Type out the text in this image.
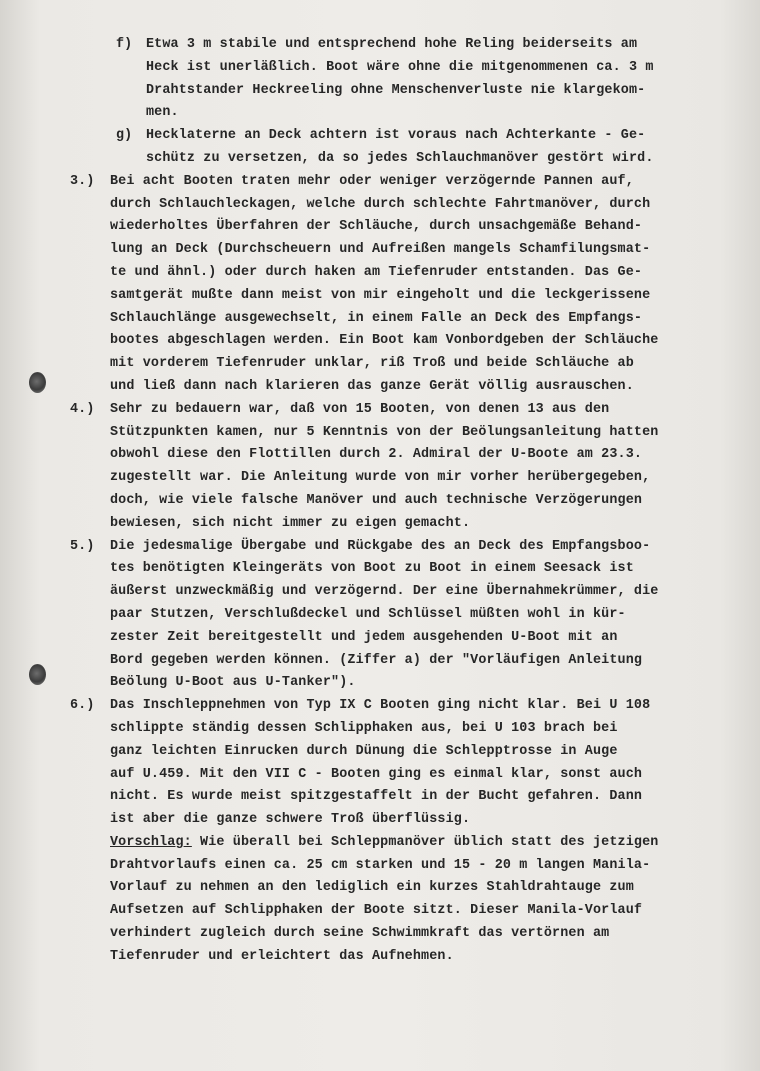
f)	Etwa 3 m stabile und entsprechend hohe Reling beiderseits am
Heck ist unerläßlich. Boot wäre ohne die mitgenommenen ca. 3 m
Drahtstander Heckreeling ohne Menschenverluste nie klargekom-
men.
g)	Hecklaterne an Deck achtern ist voraus nach Achterkante - Ge-
schütz zu versetzen, da so jedes Schlauchmanöver gestört wird.
3.)	Bei acht Booten traten mehr oder weniger verzögernde Pannen auf,
durch Schlauchleckagen, welche durch schlechte Fahrtmanöver, durch
wiederholtes Überfahren der Schläuche, durch unsachgemäße Behand-
lung an Deck (Durchscheuern und Aufreißen mangels Schamfilungsmat-
te und ähnl.) oder durch haken am Tiefenruder entstanden. Das Ge-
samtgerät mußte dann meist von mir eingeholt und die leckgerissene
Schlauchlänge ausgewechselt, in einem Falle an Deck des Empfangs-
bootes abgeschlagen werden. Ein Boot kam Vonbordgeben der Schläuche
mit vorderem Tiefenruder unklar, riß Troß und beide Schläuche ab
und ließ dann nach klarieren das ganze Gerät völlig ausrauschen.
4.)	Sehr zu bedauern war, daß von 15 Booten, von denen 13 aus den
Stützpunkten kamen, nur 5 Kenntnis von der Beölungsanleitung hatten
obwohl diese den Flottillen durch 2. Admiral der U-Boote am 23.3.
zugestellt war. Die Anleitung wurde von mir vorher herübergegeben,
doch, wie viele falsche Manöver und auch technische Verzögerungen
bewiesen, sich nicht immer zu eigen gemacht.
5.)	Die jedesmalige Übergabe und Rückgabe des an Deck des Empfangsboo-
tes benötigten Kleingeräts von Boot zu Boot in einem Seesack ist
äußerst unzweckmäßig und verzögernd. Der eine Übernahmekrümmer, die
paar Stutzen, Verschlußdeckel und Schlüssel müßten wohl in kür-
zester Zeit bereitgestellt und jedem ausgehenden U-Boot mit an
Bord gegeben werden können. (Ziffer a) der "Vorläufigen Anleitung
Beölung U-Boot aus U-Tanker").
6.)	Das Inschleppnehmen von Typ IX C Booten ging nicht klar. Bei U 108
schlippte ständig dessen Schlipphaken aus, bei U 103 brach bei
ganz leichten Einrucken durch Dünung die Schlepptrosse in Auge
auf U.459. Mit den VII C - Booten ging es einmal klar, sonst auch
nicht. Es wurde meist spitzgestaffelt in der Bucht gefahren. Dann
ist aber die ganze schwere Troß überflüssig.
Vorschlag: Wie überall bei Schleppmanöver üblich statt des jetzigen
Drahtvorlaufs einen ca. 25 cm starken und 15 - 20 m langen Manila-
Vorlauf zu nehmen an den lediglich ein kurzes Stahldrahtauge zum
Aufsetzen auf Schlipphaken der Boote sitzt. Dieser Manila-Vorlauf
verhindert zugleich durch seine Schwimmkraft das vertörnen am
Tiefenruder und erleichtert das Aufnehmen.
